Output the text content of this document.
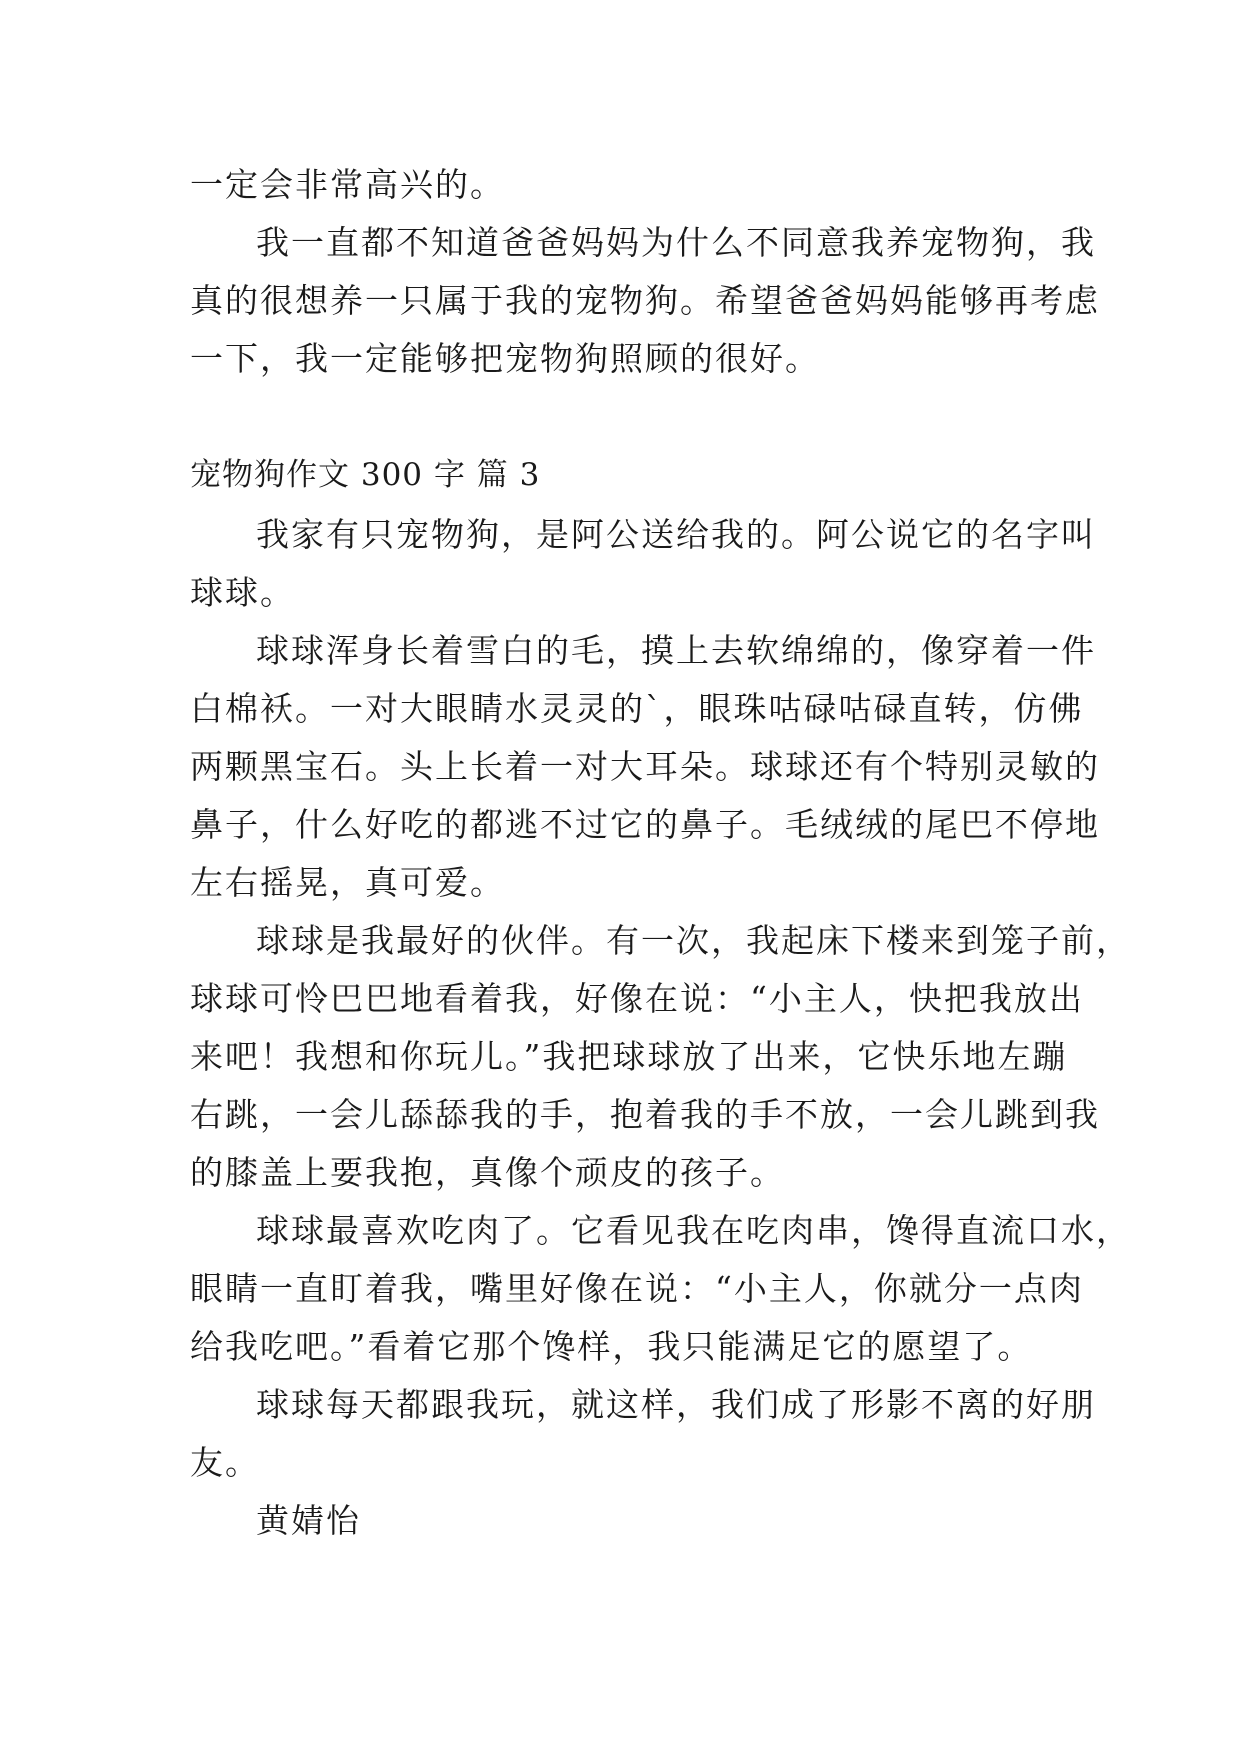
一定会非常高兴的。
我一直都不知道爸爸妈妈为什么不同意我养宠物狗，我
真的很想养一只属于我的宠物狗。希望爸爸妈妈能够再考虑
一下，我一定能够把宠物狗照顾的很好。
宠物狗作文 300 字 篇 3
我家有只宠物狗，是阿公送给我的。阿公说它的名字叫
球球。
球球浑身长着雪白的毛，摸上去软绵绵的，像穿着一件
白棉袄。一对大眼睛水灵灵的`，眼珠咕碌咕碌直转，仿佛
两颗黑宝石。头上长着一对大耳朵。球球还有个特别灵敏的
鼻子，什么好吃的都逃不过它的鼻子。毛绒绒的尾巴不停地
左右摇晃，真可爱。
球球是我最好的伙伴。有一次，我起床下楼来到笼子前，
球球可怜巴巴地看着我，好像在说：“小主人，快把我放出
来吧！我想和你玩儿。”我把球球放了出来，它快乐地左蹦
右跳，一会儿舔舔我的手，抱着我的手不放，一会儿跳到我
的膝盖上要我抱，真像个顽皮的孩子。
球球最喜欢吃肉了。它看见我在吃肉串，馋得直流口水，
眼睛一直盯着我，嘴里好像在说：“小主人，你就分一点肉
给我吃吧。”看着它那个馋样，我只能满足它的愿望了。
球球每天都跟我玩，就这样，我们成了形影不离的好朋
友。
黄婧怡
